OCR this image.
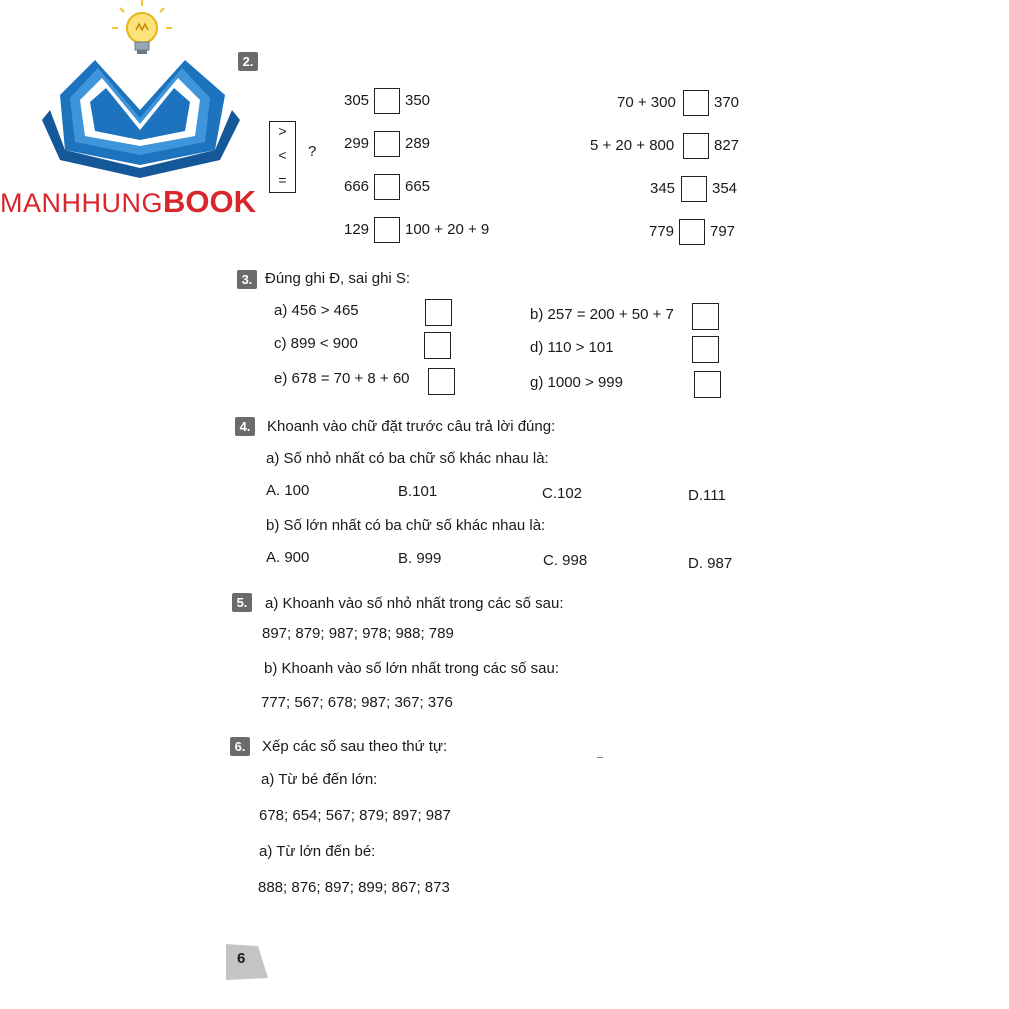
MANHHUNGBOOK
2.
>
<
=
?
305 350
299 289
666 665
129 100 + 20 + 9
70 + 300	370
5 + 20 + 800	827
345 354
779 797
3. Đúng ghi Đ, sai ghi S:
a) 456 > 465	b) 257 = 200 + 50 + 7
c) 899 < 900	d) 110 > 101
e) 678 = 70 + 8 + 60	g) 1000 > 999
4.	Khoanh vào chữ đặt trước câu trả lời đúng:
a) Số nhỏ nhất có ba chữ số khác nhau là:
A. 100	B.101	C.102	D.111
b) Số lớn nhất có ba chữ số khác nhau là:
A. 900	B. 999	C. 998	D. 987
5.	a) Khoanh vào số nhỏ nhất trong các số sau:
897; 879; 987; 978; 988; 789
b) Khoanh vào số lớn nhất trong các số sau:
777; 567; 678; 987; 367; 376
6.	Xếp các số sau theo thứ tự:
a) Từ bé đến lớn:
678; 654; 567; 879; 897; 987
a) Từ lớn đến bé:
888; 876; 897; 899; 867; 873
6
